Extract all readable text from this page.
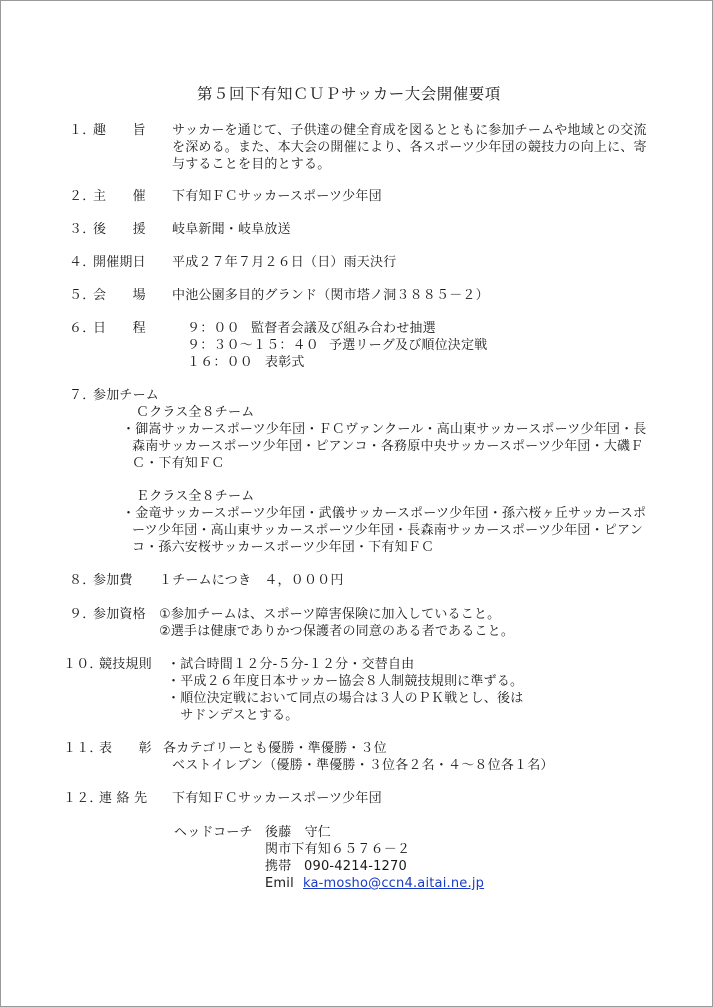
第５回下有知ＣＵＰサッカー大会開催要項
１．
趣　　旨 サッカーを通じて、子供達の健全育成を図るとともに参加チームや地域との交流
を深める。また、本大会の開催により、各スポーツ少年団の競技力の向上に、寄
与することを目的とする。
２．
主　　催 下有知ＦＣサッカースポーツ少年団
３．
後　　援 岐阜新聞・岐阜放送
４．
開催期日 平成２７年７月２６日（日）雨天決行
５．
会　　場 中池公園多目的グランド（関市塔ノ洞３８８５－２）
６．
日　　程	９：００ 監督者会議及び組み合わせ抽選
９：３０～１５：４０ 予選リーグ及び順位決定戦
１６：００ 表彰式
７．
参加チーム
Ｃクラス全８チーム
・御嵩サッカースポーツ少年団・ＦＣヴァンクール・高山東サッカースポーツ少年団・長
森南サッカースポーツ少年団・ピアンコ・各務原中央サッカースポーツ少年団・大磯Ｆ
Ｃ・下有知ＦＣ
Ｅクラス全８チーム
・金竜サッカースポーツ少年団・武儀サッカースポーツ少年団・孫六桜ヶ丘サッカースポ
ーツ少年団・高山東サッカースポーツ少年団・長森南サッカースポーツ少年団・ピアン
コ・孫六安桜サッカースポーツ少年団・下有知ＦＣ
８．
参加費 １チームにつき　４，０００円
９．
参加資格 ①参加チームは、スポーツ障害保険に加入していること。
②選手は健康でありかつ保護者の同意のある者であること。
１０．
競技規則 ・試合時間１２分-５分-１２分・交替自由
・平成２６年度日本サッカー協会８人制競技規則に準ずる。
・順位決定戦において同点の場合は３人のＰＫ戦とし、後は
　サドンデスとする。
１１．
表　　彰 各カテゴリーとも優勝・準優勝・３位
ベストイレブン（優勝・準優勝・３位各２名・４～８位各１名）
１２．
連 絡 先 下有知ＦＣサッカースポーツ少年団
ヘッドコーチ 後藤　守仁
関市下有知６５７６－２
携帯 090-4214-1270
Emil ka-mosho@ccn4.aitai.ne.jp
